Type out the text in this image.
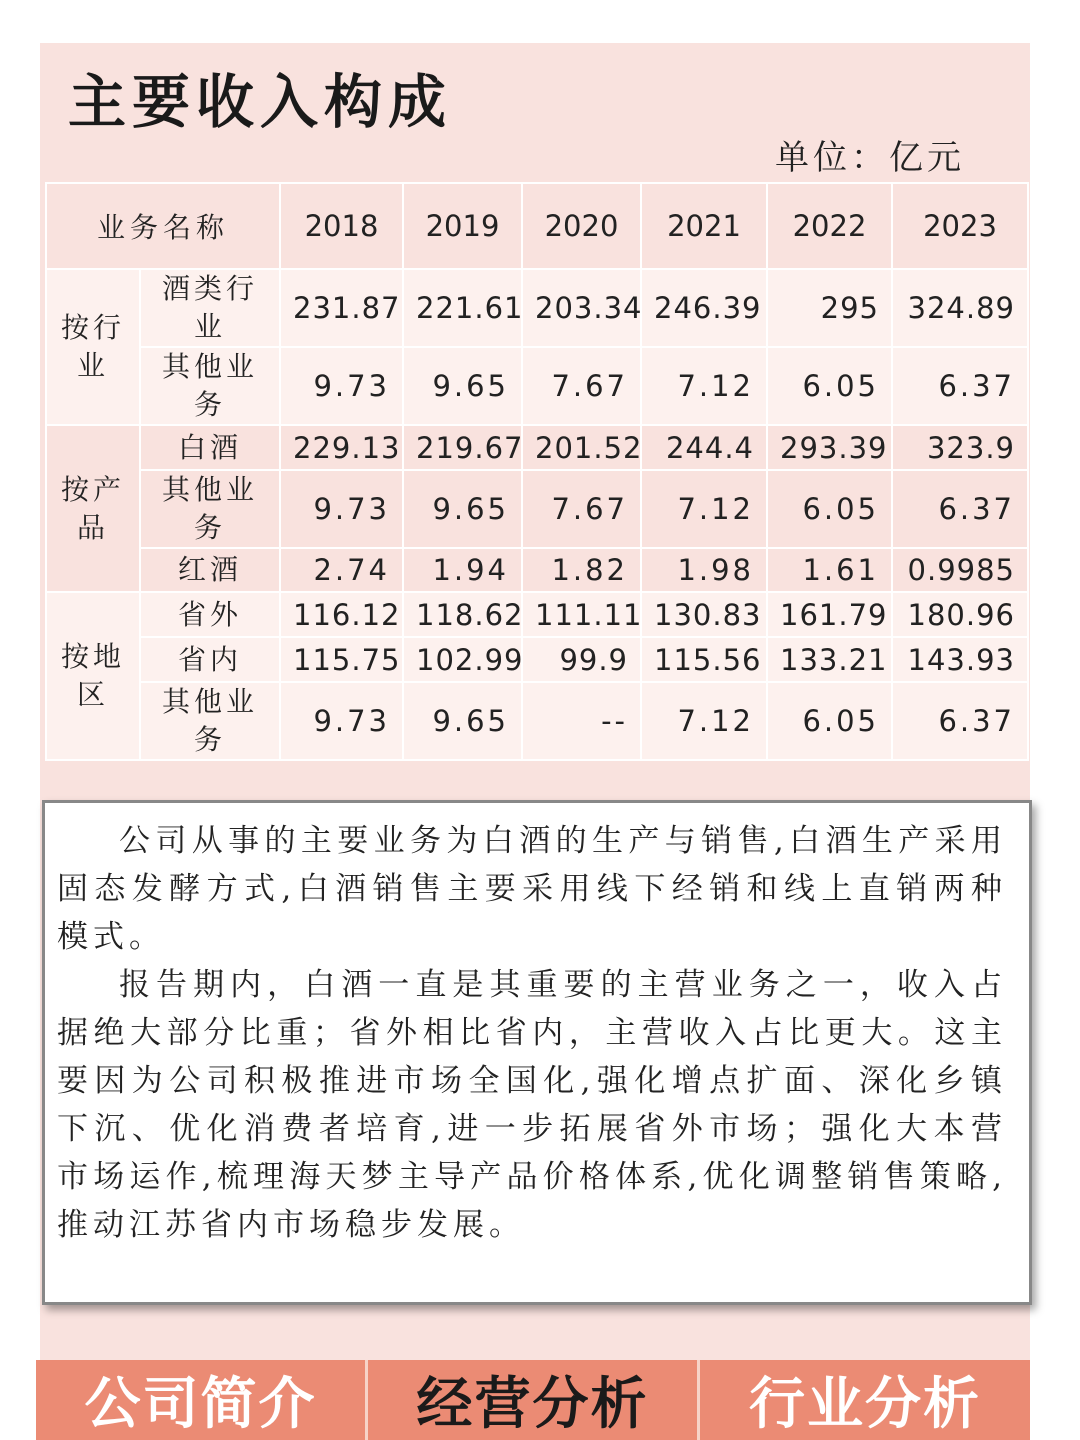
主要收入构成
单位：亿元
业务名称		2018	2019	2020	2021	2022	2023
按行业	酒类行业	231.87	221.61	203.34	246.39	295	324.89
	其他业务	9.73	9.65	7.67	7.12	6.05	6.37
按产品	白酒	229.13	219.67	201.52	244.4	293.39	323.9
	其他业务	9.73	9.65	7.67	7.12	6.05	6.37
	红酒	2.74	1.94	1.82	1.98	1.61	0.9985
按地区	省外	116.12	118.62	111.11	130.83	161.79	180.96
	省内	115.75	102.99	99.9	115.56	133.21	143.93
	其他业务	9.73	9.65	--	7.12	6.05	6.37

公司从事的主要业务为白酒的生产与销售,白酒生产采用固态发酵方式,白酒销售主要采用线下经销和线上直销两种模式。

报告期内，白酒一直是其重要的主营业务之一，收入占据绝大部分比重；省外相比省内，主营收入占比更大。这主要因为公司积极推进市场全国化,强化增点扩面、深化乡镇下沉、优化消费者培育,进一步拓展省外市场；强化大本营市场运作,梳理海天梦主导产品价格体系,优化调整销售策略,推动江苏省内市场稳步发展。

公司简介	经营分析	行业分析
